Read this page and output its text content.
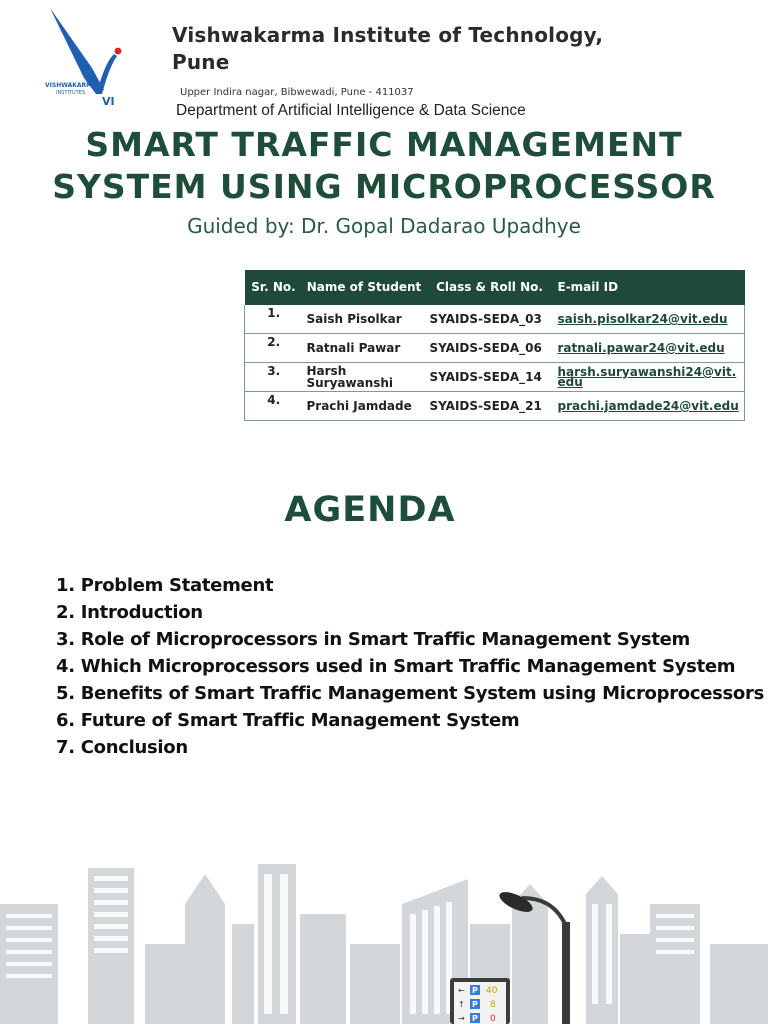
VISHWAKARMA
INSTITUTES
VI
Vishwakarma Institute of Technology,
Pune
Upper Indira nagar, Bibwewadi, Pune - 411037
Department of Artificial Intelligence & Data Science
SMART TRAFFIC MANAGEMENT
SYSTEM USING MICROPROCESSOR
Guided by: Dr. Gopal Dadarao Upadhye
Sr. No.	Name of Student	Class & Roll No.	E-mail ID
1.	Saish Pisolkar	SYAIDS-SEDA_03	saish.pisolkar24@vit.edu
2.	Ratnali Pawar	SYAIDS-SEDA_06	ratnali.pawar24@vit.edu
3.	Harsh Suryawanshi	SYAIDS-SEDA_14	harsh.suryawanshi24@vit.edu
4.	Prachi Jamdade	SYAIDS-SEDA_21	prachi.jamdade24@vit.edu
AGENDA
1. Problem Statement
2. Introduction
3. Role of Microprocessors in Smart Traffic Management System
4. Which Microprocessors used in Smart Traffic Management System
5. Benefits of Smart Traffic Management System using Microprocessors
6. Future of Smart Traffic Management System
7. Conclusion
P
P
P
←
↑
→
40
8
0
